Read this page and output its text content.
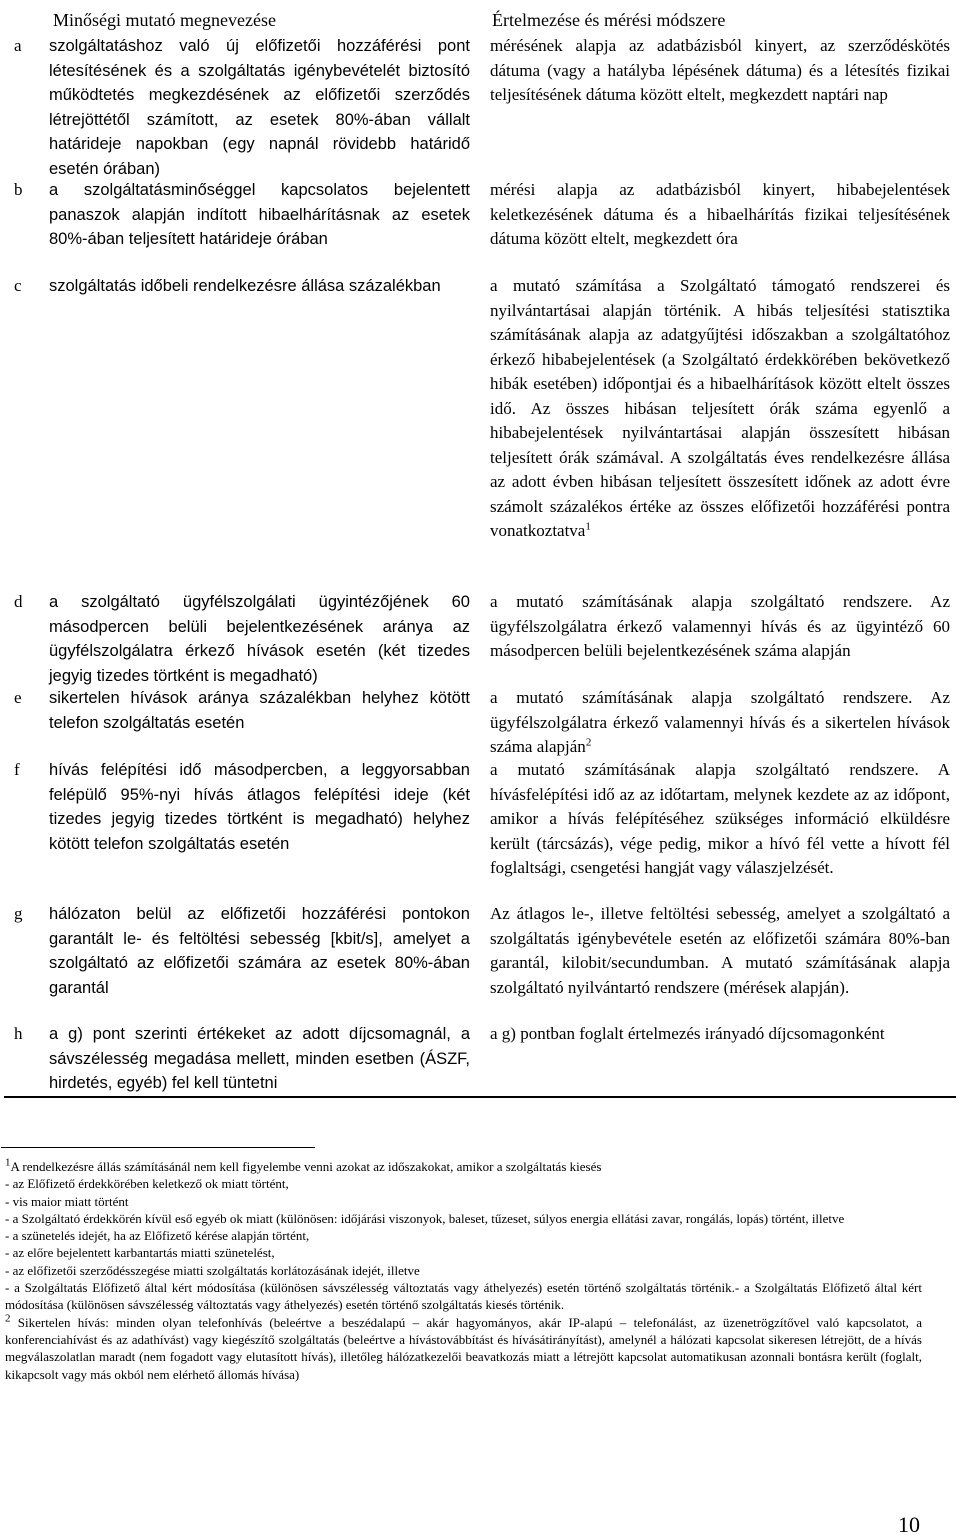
Minőségi mutató megnevezése	Értelmezése és mérési módszere
a szolgáltatáshoz való új előfizetői hozzáférési pont létesítésének és a szolgáltatás igénybevételét biztosító működtetés megkezdésének az előfizetői szerződés létrejöttétől számított, az esetek 80%-ában vállalt határideje napokban (egy napnál rövidebb határidő esetén órában)
mérésének alapja az adatbázisból kinyert, az szerződéskötés dátuma (vagy a hatályba lépésének dátuma) és a létesítés fizikai teljesítésének dátuma között eltelt, megkezdett naptári nap
b a szolgáltatásminőséggel kapcsolatos bejelentett panaszok alapján indított hibaelhárításnak az esetek 80%-ában teljesített határideje órában
mérési alapja az adatbázisból kinyert, hibabejelentések keletkezésének dátuma és a hibaelhárítás fizikai teljesítésének dátuma között eltelt, megkezdett óra
c szolgáltatás időbeli rendelkezésre állása százalékban	a mutató számítása a Szolgáltató támogató rendszerei és nyilvántartásai alapján történik. A hibás teljesítési statisztika számításának alapja az adatgyűjtési időszakban a szolgáltatóhoz érkező hibabejelentések (a Szolgáltató érdekkörében bekövetkező hibák esetében) időpontjai és a hibaelhárítások között eltelt összes idő. Az összes hibásan teljesített órák száma egyenlő a hibabejelentések nyilvántartásai alapján összesített hibásan teljesített órák számával. A szolgáltatás éves rendelkezésre állása az adott évben hibásan teljesített összesített időnek az adott évre számolt százalékos értéke az összes előfizetői hozzáférési pontra vonatkoztatva$^1$
d a szolgáltató ügyfélszolgálati ügyintézőjének 60 másodpercen belüli bejelentkezésének aránya az ügyfélszolgálatra érkező hívások esetén (két tizedes jegyig tizedes törtként is megadható)
a mutató számításának alapja szolgáltató rendszere. Az ügyfélszolgálatra érkező valamennyi hívás és az ügyintéző 60 másodpercen belüli bejelentkezésének száma alapján
e sikertelen hívások aránya százalékban helyhez kötött telefon szolgáltatás esetén
a mutató számításának alapja szolgáltató rendszere. Az ügyfélszolgálatra érkező valamennyi hívás és a sikertelen hívások száma alapján$^2$
f hívás felépítési idő másodpercben, a leggyorsabban felépülő 95%-nyi hívás átlagos felépítési ideje (két tizedes jegyig tizedes törtként is megadható) helyhez kötött telefon szolgáltatás esetén
a mutató számításának alapja szolgáltató rendszere. A hívásfelépítési idő az az időtartam, melynek kezdete az az időpont, amikor a hívás felépítéséhez szükséges információ elküldésre került (tárcsázás), vége pedig, mikor a hívó fél vette a hívott fél foglaltsági, csengetési hangját vagy válaszjelzését.
g hálózaton belül az előfizetői hozzáférési pontokon garantált le- és feltöltési sebesség [kbit/s], amelyet a szolgáltató az előfizetői számára az esetek 80%-ában garantál
Az átlagos le-, illetve feltöltési sebesség, amelyet a szolgáltató a szolgáltatás igénybevétele esetén az előfizetői számára 80%-ban garantál, kilobit/secundumban. A mutató számításának alapja szolgáltató nyilvántartó rendszere (mérések alapján).
h a g) pont szerinti értékeket az adott díjcsomagnál, a sávszélesség megadása mellett, minden esetben (ÁSZF, hirdetés, egyéb) fel kell tüntetni
a g) pontban foglalt értelmezés irányadó díjcsomagonként

$^1$A rendelkezésre állás számításánál nem kell figyelembe venni azokat az időszakokat, amikor a szolgáltatás kiesés

- az Előfizető érdekkörében keletkező ok miatt történt,

- vis maior miatt történt

- a Szolgáltató érdekkörén kívül eső egyéb ok miatt (különösen: időjárási viszonyok, baleset, tűzeset, súlyos energia ellátási zavar, rongálás, lopás) történt, illetve

- a szünetelés idejét, ha az Előfizető kérése alapján történt,

- az előre bejelentett karbantartás miatti szünetelést,

- az előfizetői szerződésszegése miatti szolgáltatás korlátozásának idejét, illetve

- a Szolgáltatás Előfizető által kért módosítása (különösen sávszélesség változtatás vagy áthelyezés) esetén történő szolgáltatás történik.- a Szolgáltatás Előfizető által kért módosítása (különösen sávszélesség változtatás vagy áthelyezés) esetén történő szolgáltatás kiesés történik.

$^2$ Sikertelen hívás: minden olyan telefonhívás (beleértve a beszédalapú – akár hagyományos, akár IP-alapú – telefonálást, az üzenetrögzítővel való kapcsolatot, a konferenciahívást és az adathívást) vagy kiegészítő szolgáltatás (beleértve a hívástovábbítást és hívásátirányítást), amelynél a hálózati kapcsolat sikeresen létrejött, de a hívás megválaszolatlan maradt (nem fogadott vagy elutasított hívás), illetőleg hálózatkezelői beavatkozás miatt a létrejött kapcsolat automatikusan azonnali bontásra került (foglalt, kikapcsolt vagy más okból nem elérhető állomás hívása)

10
